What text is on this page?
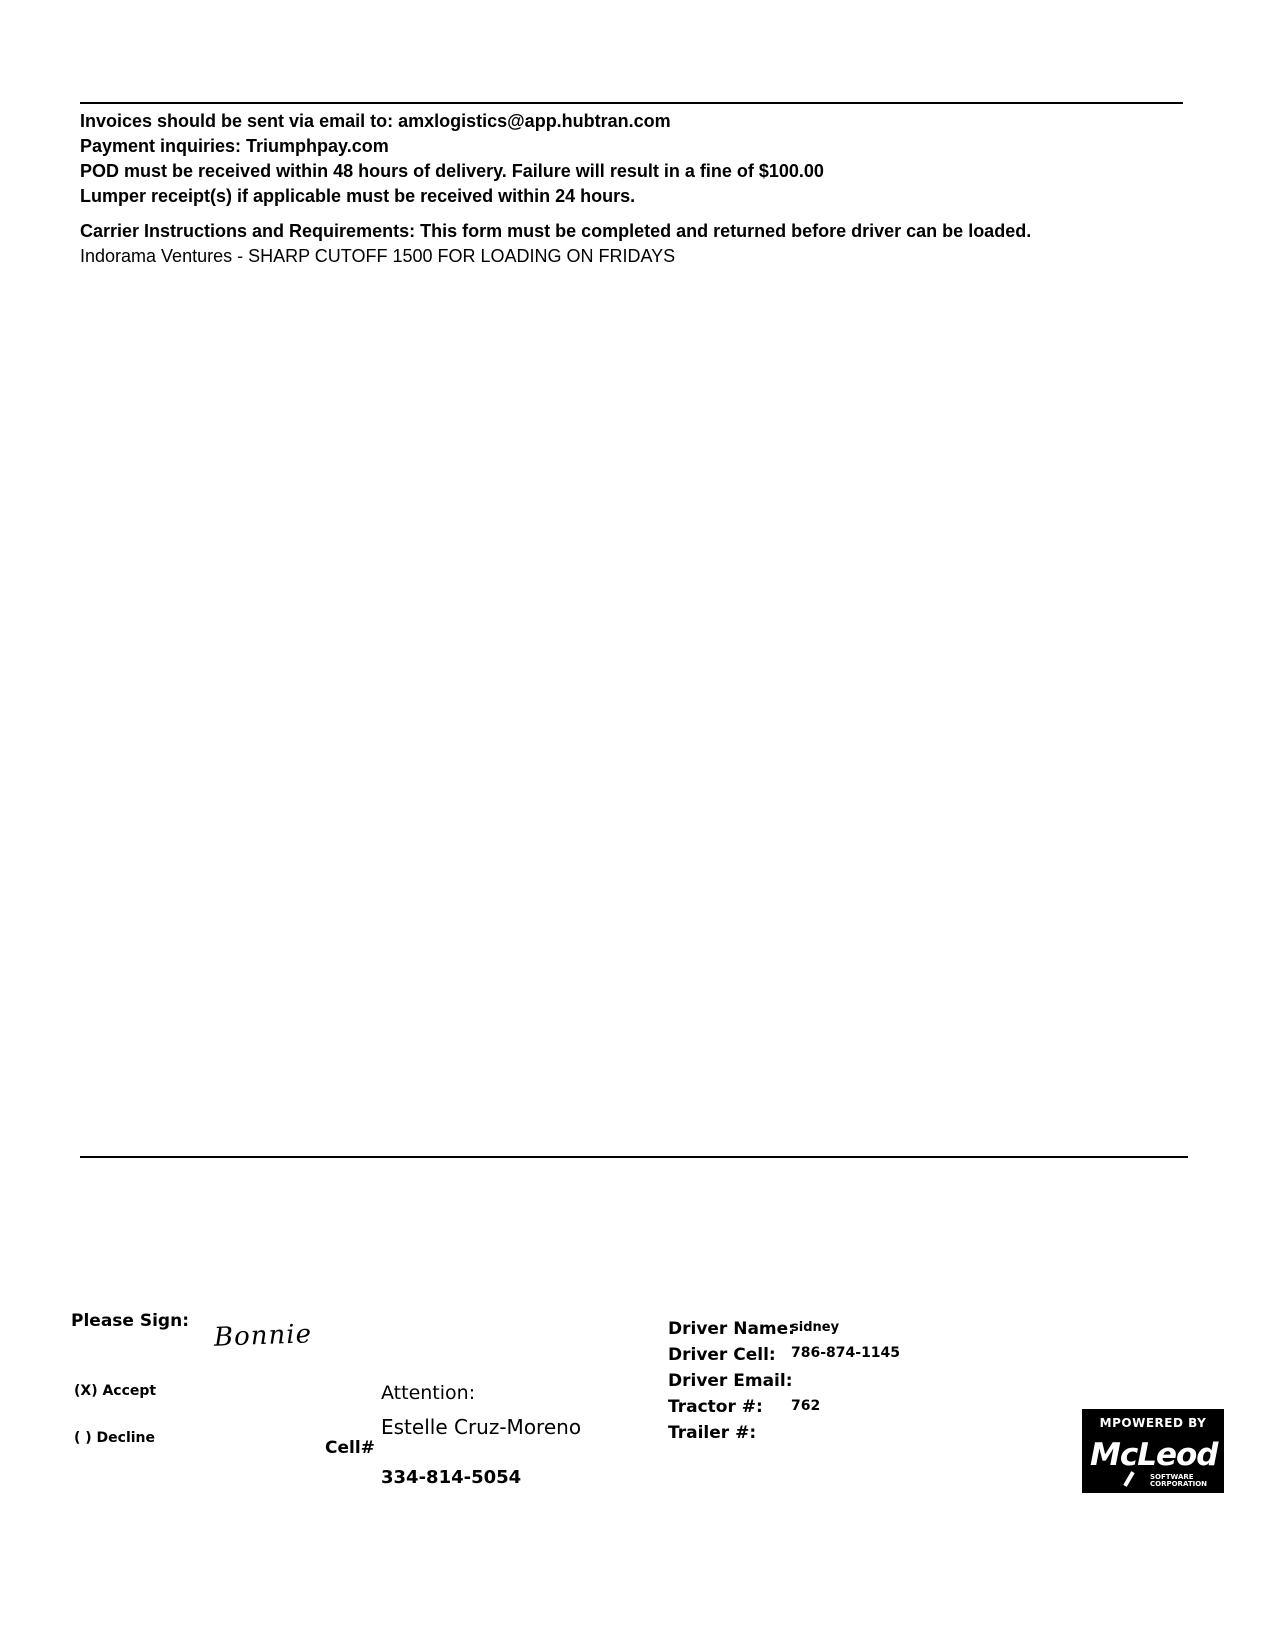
Invoices should be sent via email to: amxlogistics@app.hubtran.com
Payment inquiries: Triumphpay.com
POD must be received within 48 hours of delivery. Failure will result in a fine of $100.00
Lumper receipt(s) if applicable must be received within 24 hours.
Carrier Instructions and Requirements: This form must be completed and returned before driver can be loaded.
Indorama Ventures - SHARP CUTOFF 1500 FOR LOADING ON FRIDAYS
Please Sign: Bonnie
(X) Accept
( ) Decline
Attention:
Estelle Cruz-Moreno
Cell#
334-814-5054
Driver Name:
sidney
Driver Cell: 786-874-1145
Driver Email:
Tractor #: 762
Trailer #:	MPOWERED BY
McLeod
SOFTWARE
CORPORATION
